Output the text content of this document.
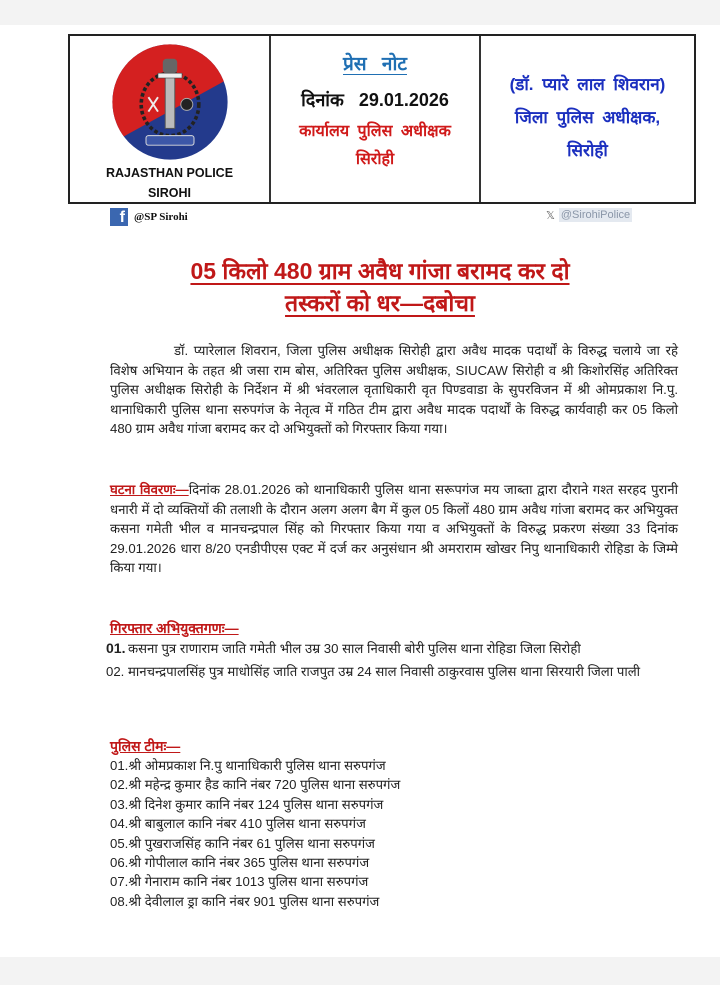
RAJASTHAN POLICE
SIROHI
प्रेस नोट
दिनांक 29.01.2026
कार्यालय पुलिस अधीक्षक
सिरोही
(डॉ. प्यारे लाल शिवरान)
जिला पुलिस अधीक्षक,
सिरोही
f @SP Sirohi	𝕏 @SirohiPolice
05 किलो 480 ग्राम अवैध गांजा बरामद कर दो
तस्करों को धर—दबोचा
डॉ. प्यारेलाल शिवरान, जिला पुलिस अधीक्षक सिरोही द्वारा अवैध मादक पदार्थों के विरुद्ध चलाये जा रहे विशेष अभियान के तहत श्री जसा राम बोस, अतिरिक्त पुलिस अधीक्षक, SIUCAW सिरोही व श्री किशोरसिंह अतिरिक्त पुलिस अधीक्षक सिरोही के निर्देशन में श्री भंवरलाल वृताधिकारी वृत पिण्डवाडा के सुपरविजन में श्री ओमप्रकाश नि.पु. थानाधिकारी पुलिस थाना सरुपगंज के नेतृत्व में गठित टीम द्वारा अवैध मादक पदार्थों के विरुद्ध कार्यवाही कर 05 किलो 480 ग्राम अवैध गांजा बरामद कर दो अभियुक्तों को गिरफ्तार किया गया।
घटना विवरणः—दिनांक 28.01.2026 को थानाधिकारी पुलिस थाना सरूपगंज मय जाब्ता द्वारा दौराने गश्त सरहद पुरानी धनारी में दो व्यक्तियों की तलाशी के दौरान अलग अलग बैग में कुल 05 किलों 480 ग्राम अवैध गांजा बरामद कर अभियुक्त कसना गमेती भील व मानचन्द्रपाल सिंह को गिरफ्तार किया गया व अभियुक्तों के विरुद्ध प्रकरण संख्या 33 दिनांक 29.01.2026 धारा 8/20 एनडीपीएस एक्ट में दर्ज कर अनुसंधान श्री अमराराम खोखर निपु थानाधिकारी रोहिडा के जिम्मे किया गया।
गिरफ्तार अभियुक्तगणः—
01. कसना पुत्र राणाराम जाति गमेती भील उम्र 30 साल निवासी बोरी पुलिस थाना रोहिडा जिला सिरोही
02. मानचन्द्रपालसिंह पुत्र माधोसिंह जाति राजपुत उम्र 24 साल निवासी ठाकुरवास पुलिस थाना सिरयारी जिला पाली
पुलिस टीमः—
01.श्री ओमप्रकाश नि.पु थानाधिकारी पुलिस थाना सरुपगंज
02.श्री महेन्द्र कुमार हैड कानि नंबर 720 पुलिस थाना सरुपगंज
03.श्री दिनेश कुमार कानि नंबर 124 पुलिस थाना सरुपगंज
04.श्री बाबुलाल कानि नंबर 410 पुलिस थाना सरुपगंज
05.श्री पुखराजसिंह कानि नंबर 61 पुलिस थाना सरुपगंज
06.श्री गोपीलाल कानि नंबर 365 पुलिस थाना सरुपगंज
07.श्री गेनाराम कानि नंबर 1013 पुलिस थाना सरुपगंज
08.श्री देवीलाल ड्रा कानि नंबर 901 पुलिस थाना सरुपगंज
